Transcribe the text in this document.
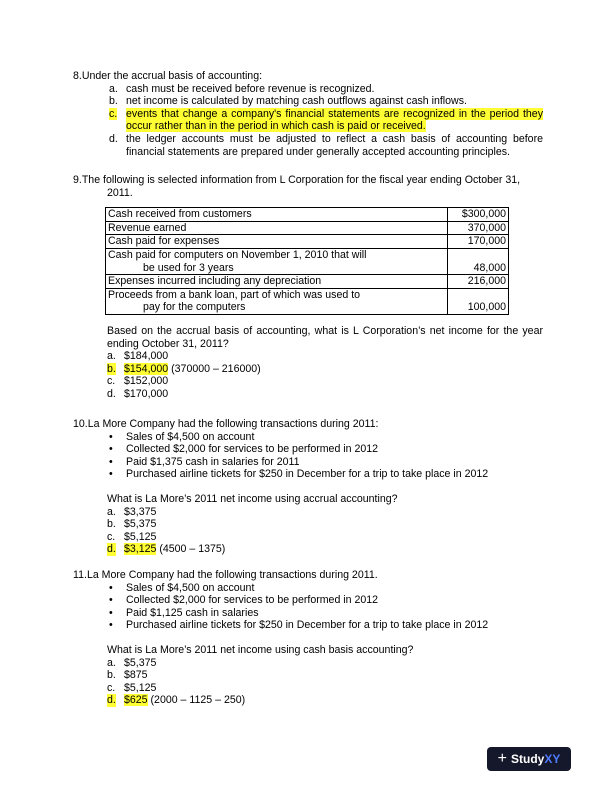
8.Under the accrual basis of accounting:

a. cash must be received before revenue is recognized.
b. net income is calculated by matching cash outflows against cash inflows.
c. events that change a company's financial statements are recognized in the period they occur rather than in the period in which cash is paid or received.
d. the ledger accounts must be adjusted to reflect a cash basis of accounting before financial statements are prepared under generally accepted accounting principles.

9.The following is selected information from L Corporation for the fiscal year ending October 31,
2011.

Cash received from customers	$300,000
Revenue earned	370,000
Cash paid for expenses	170,000
Cash paid for computers on November 1, 2010 that will
be used for 3 years	48,000
Expenses incurred including any depreciation	216,000
Proceeds from a bank loan, part of which was used to
pay for the computers	100,000

Based on the accrual basis of accounting, what is L Corporation’s net income for the year ending October 31, 2011?

a. $184,000
b. $154,000 (370000 – 216000)
c. $152,000
d. $170,000

10.La More Company had the following transactions during 2011:

• Sales of $4,500 on account
• Collected $2,000 for services to be performed in 2012
• Paid $1,375 cash in salaries for 2011
• Purchased airline tickets for $250 in December for a trip to take place in 2012

What is La More’s 2011 net income using accrual accounting?

a. $3,375
b. $5,375
c. $5,125
d. $3,125 (4500 – 1375)

11.La More Company had the following transactions during 2011.

• Sales of $4,500 on account
• Collected $2,000 for services to be performed in 2012
• Paid $1,125 cash in salaries
• Purchased airline tickets for $250 in December for a trip to take place in 2012

What is La More’s 2011 net income using cash basis accounting?

a. $5,375
b. $875
c. $5,125
d. $625 (2000 – 1125 – 250)
+ Study XY
